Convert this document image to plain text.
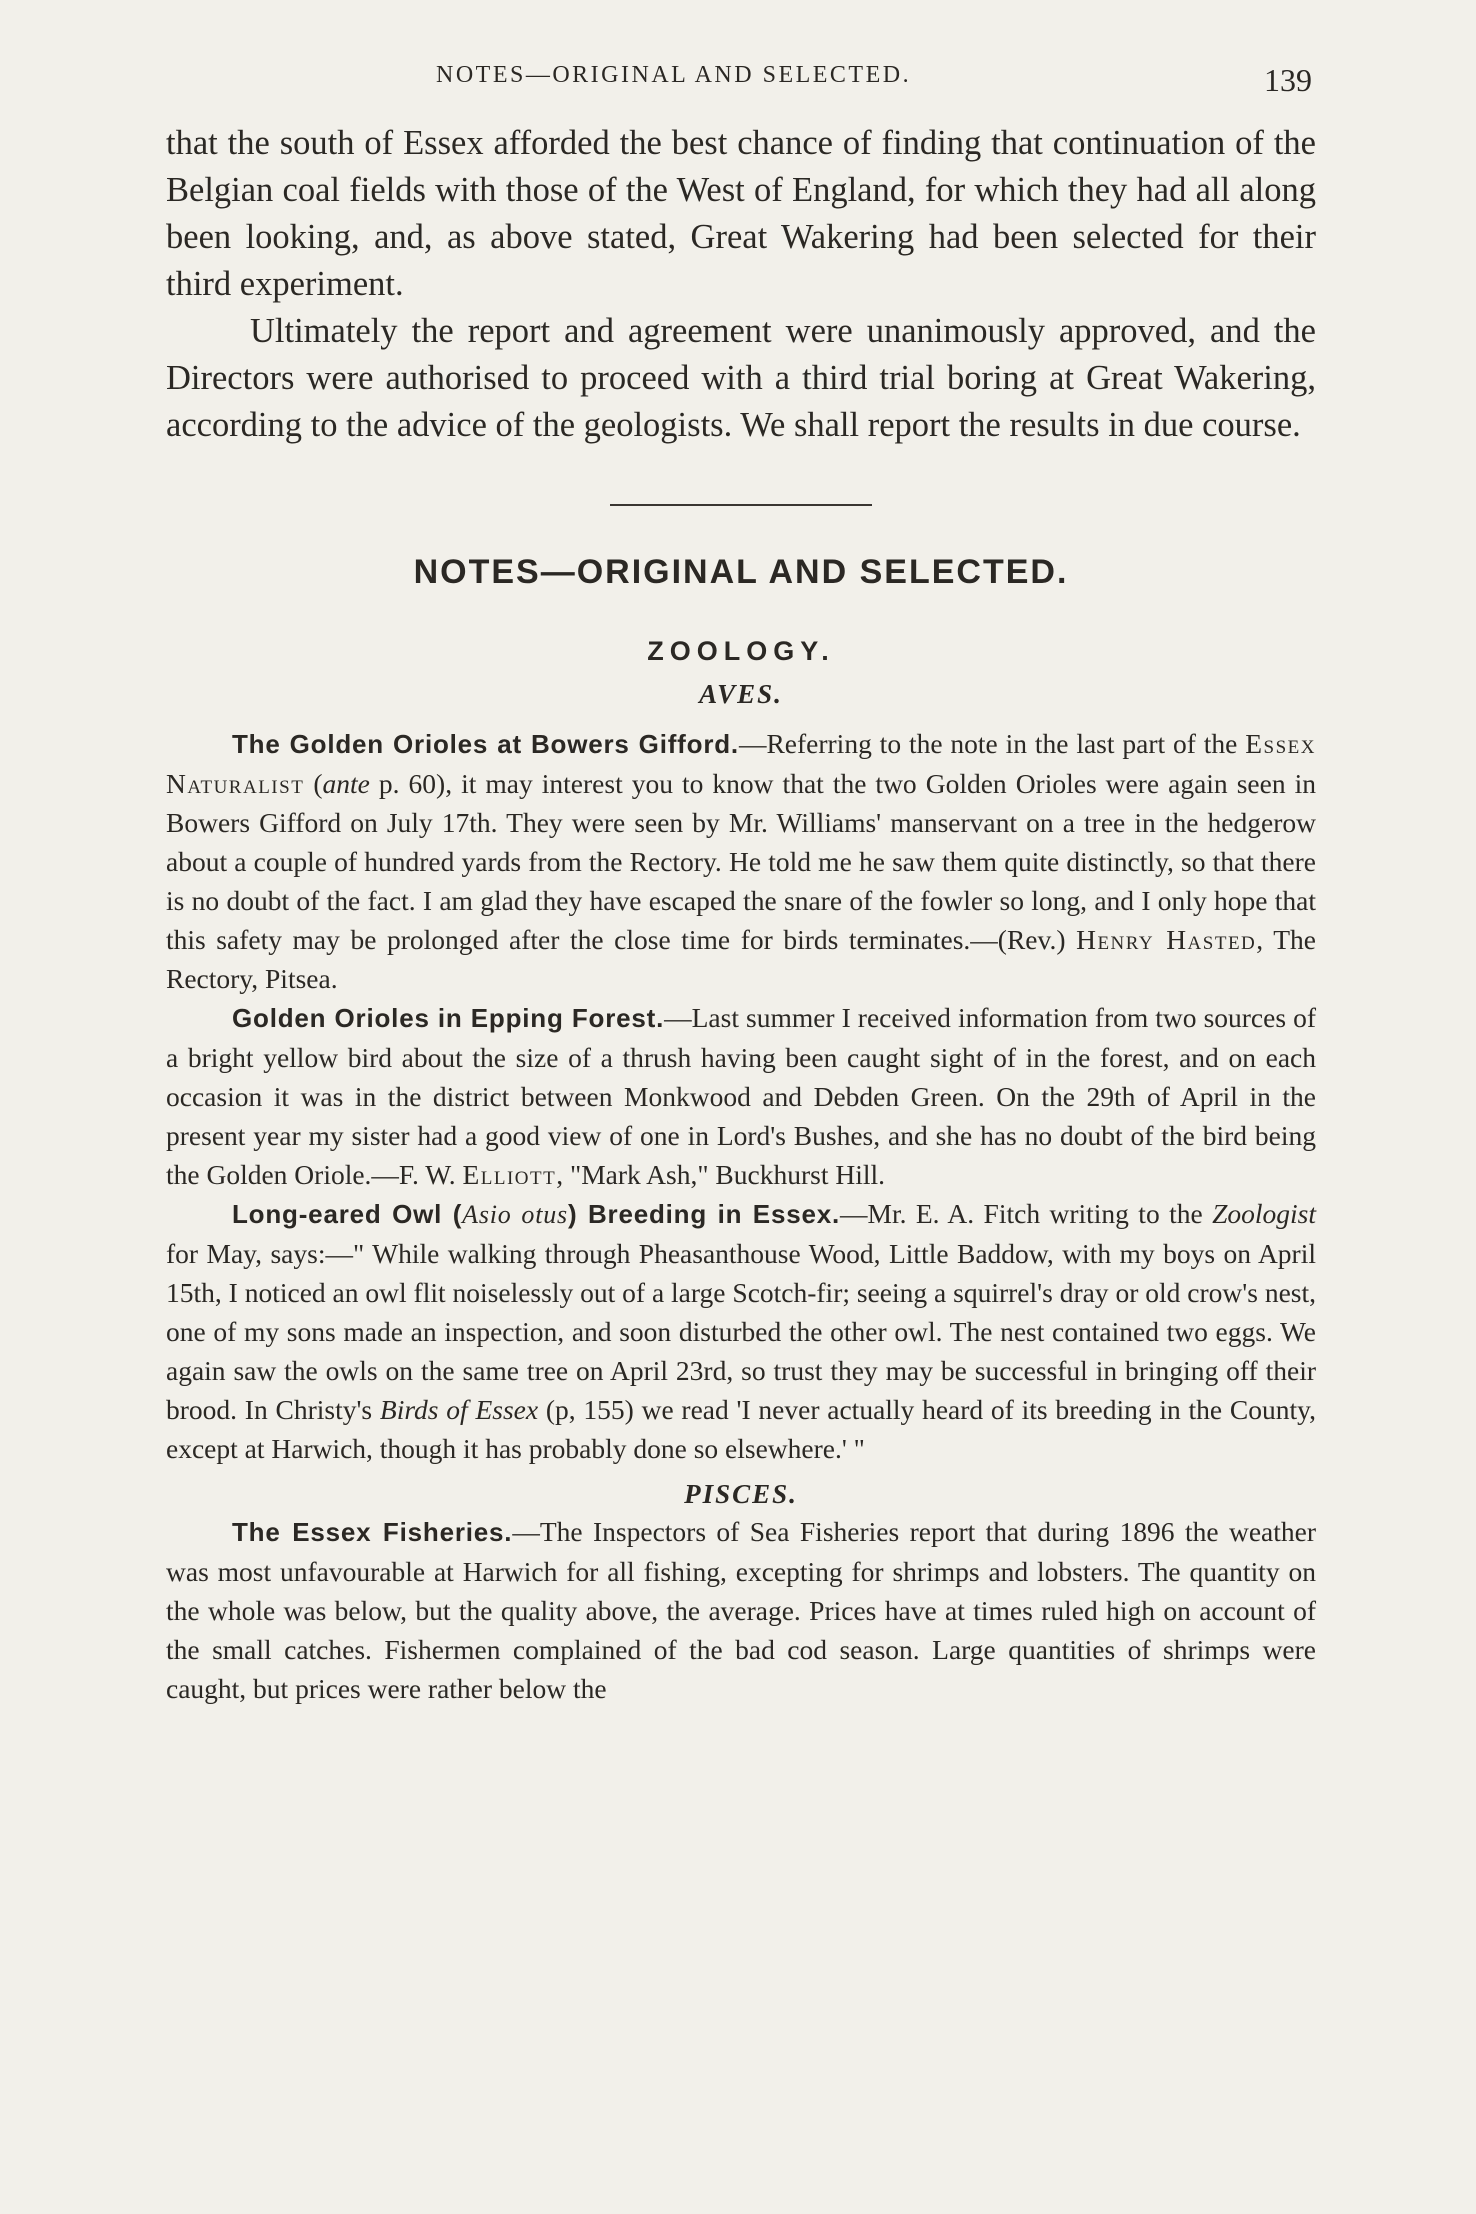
NOTES—ORIGINAL AND SELECTED.	139

that the south of Essex afforded the best chance of finding that continuation of the Belgian coal fields with those of the West of England, for which they had all along been looking, and, as above stated, Great Wakering had been selected for their third experiment.

Ultimately the report and agreement were unanimously approved, and the Directors were authorised to proceed with a third trial boring at Great Wakering, according to the advice of the geologists. We shall report the results in due course.

NOTES—ORIGINAL AND SELECTED.
ZOOLOGY.
AVES.

The Golden Orioles at Bowers Gifford.—Referring to the note in the last part of the Essex Naturalist (ante p. 60), it may interest you to know that the two Golden Orioles were again seen in Bowers Gifford on July 17th. They were seen by Mr. Williams' manservant on a tree in the hedgerow about a couple of hundred yards from the Rectory. He told me he saw them quite distinctly, so that there is no doubt of the fact. I am glad they have escaped the snare of the fowler so long, and I only hope that this safety may be prolonged after the close time for birds terminates.—(Rev.) Henry Hasted, The Rectory, Pitsea.

Golden Orioles in Epping Forest.—Last summer I received information from two sources of a bright yellow bird about the size of a thrush having been caught sight of in the forest, and on each occasion it was in the district between Monkwood and Debden Green. On the 29th of April in the present year my sister had a good view of one in Lord's Bushes, and she has no doubt of the bird being the Golden Oriole.—F. W. Elliott, "Mark Ash," Buckhurst Hill.

Long-eared Owl (Asio otus) Breeding in Essex.—Mr. E. A. Fitch writing to the Zoologist for May, says:—" While walking through Pheasanthouse Wood, Little Baddow, with my boys on April 15th, I noticed an owl flit noiselessly out of a large Scotch-fir; seeing a squirrel's dray or old crow's nest, one of my sons made an inspection, and soon disturbed the other owl. The nest contained two eggs. We again saw the owls on the same tree on April 23rd, so trust they may be successful in bringing off their brood. In Christy's Birds of Essex (p, 155) we read 'I never actually heard of its breeding in the County, except at Harwich, though it has probably done so elsewhere.' "

PISCES.

The Essex Fisheries.—The Inspectors of Sea Fisheries report that during 1896 the weather was most unfavourable at Harwich for all fishing, excepting for shrimps and lobsters. The quantity on the whole was below, but the quality above, the average. Prices have at times ruled high on account of the small catches. Fishermen complained of the bad cod season. Large quantities of shrimps were caught, but prices were rather below the
